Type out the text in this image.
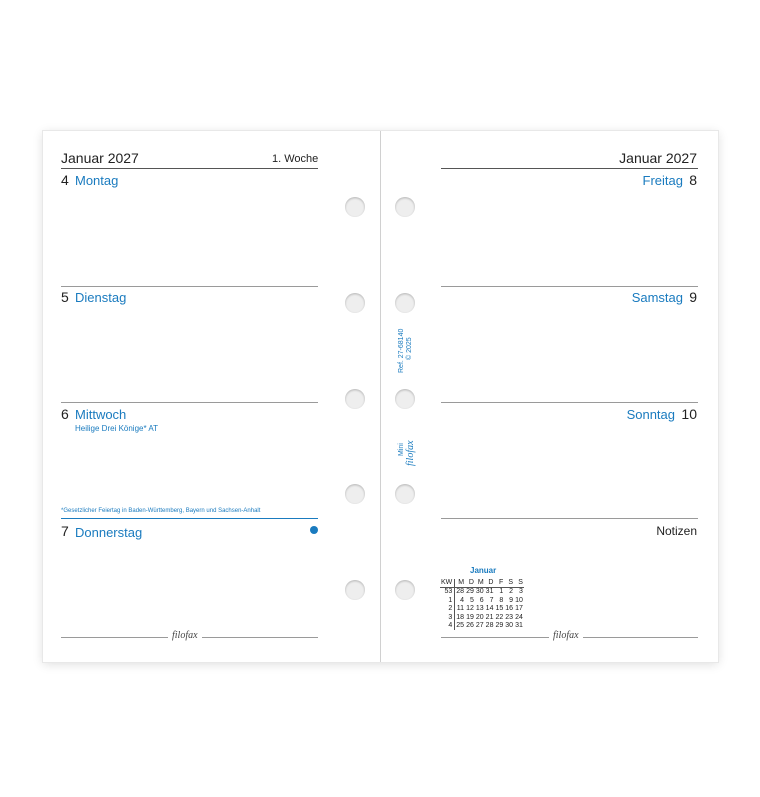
Januar 2027	1. Woche
4 Montag
5 Dienstag
6 Mittwoch
Heilige Drei Könige* AT
*Gesetzlicher Feiertag in Baden-Württemberg, Bayern und Sachsen-Anhalt
7 Donnerstag
filofax
Ref. 27-68140 © 2025
Mini filofax
Januar 2027
8
Freitag
9
Samstag
10
Sonntag
Notizen
Januar
KW	M	D	M	D	F	S	S
53	28	29	30	31	1	2	3
1	4	5	6	7	8	9	10
2	11	12	13	14	15	16	17
3	18	19	20	21	22	23	24
4	25	26	27	28	29	30	31
filofax
